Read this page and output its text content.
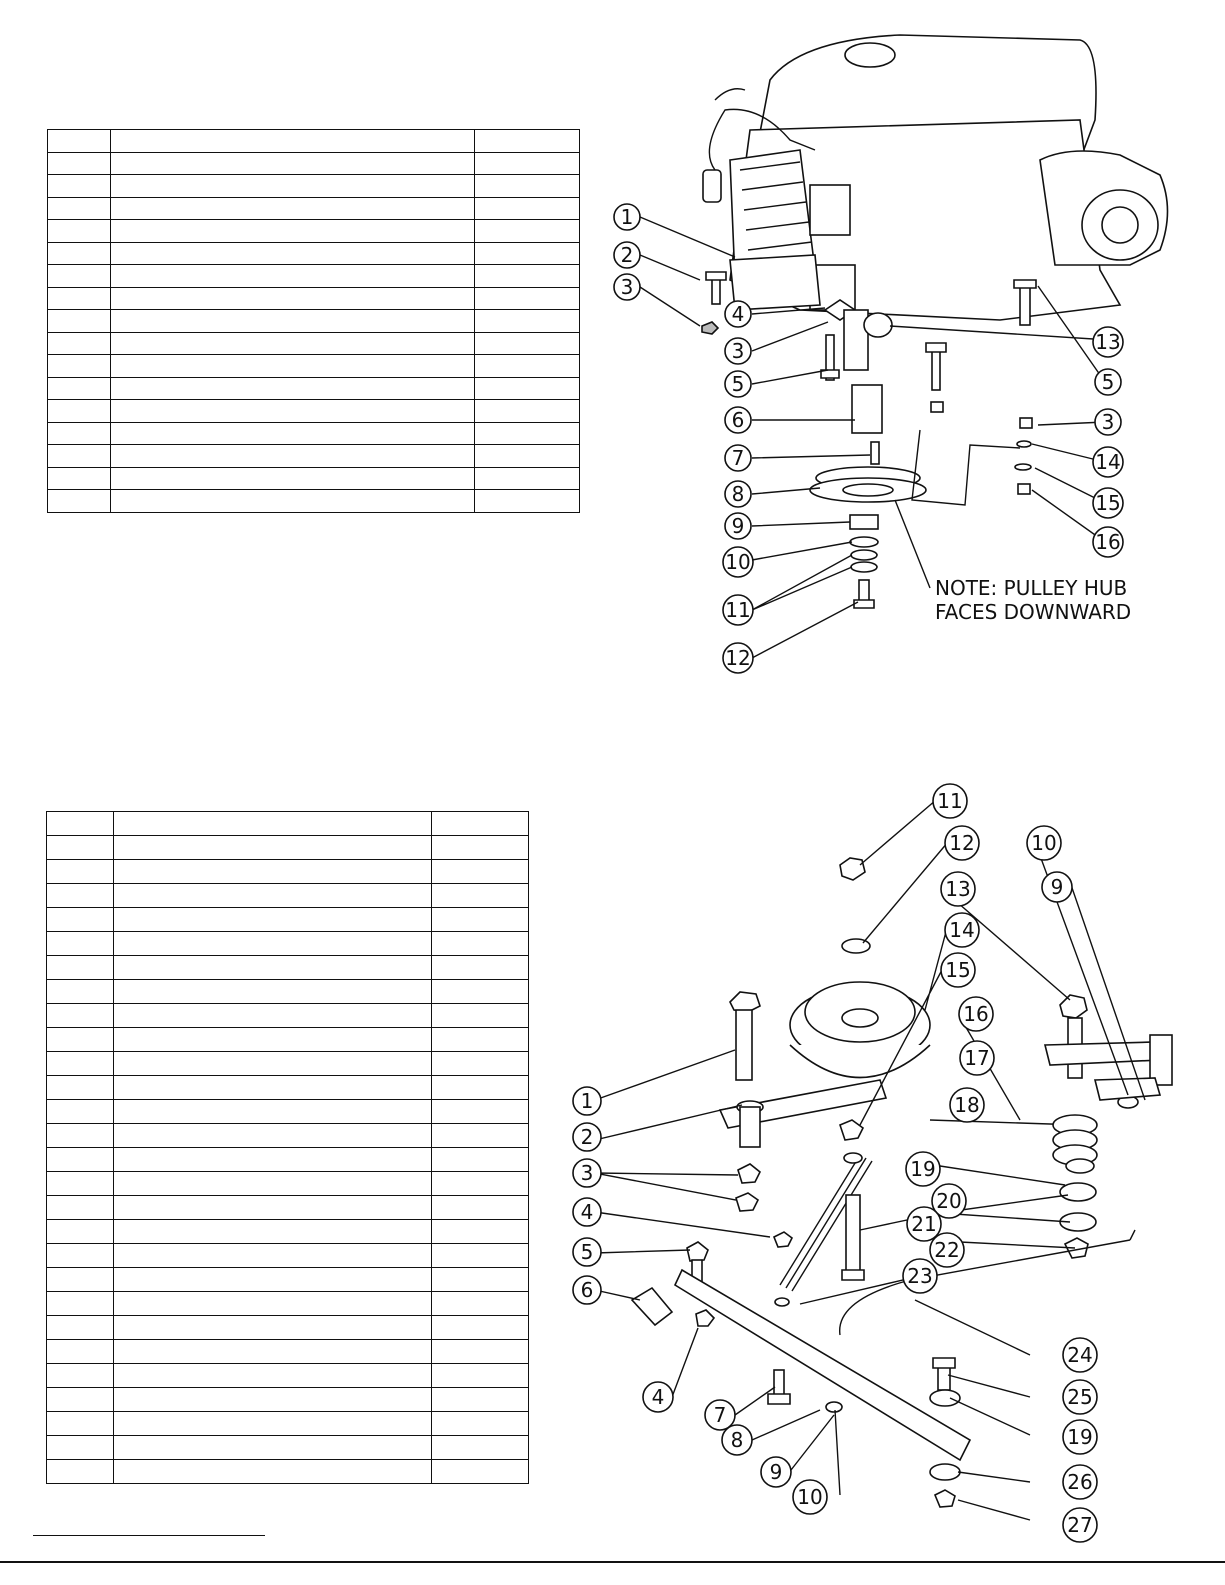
1
2
3
4
3	13
5	5
3
6
14
7
15
8
16
9
10
11
12
NOTE: PULLEY HUB
FACES DOWNWARD
11
12	10
13	9
14
15
16
17
1	18
2
3	19
20
21
4
22
5
23
6
24
4	25
7
19
8
9	26
10
27
